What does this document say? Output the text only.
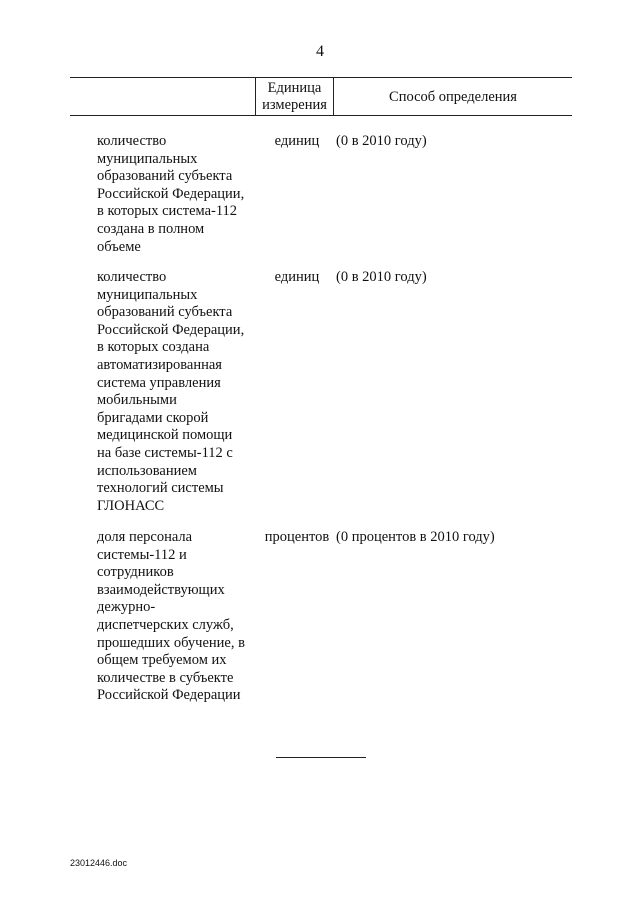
4
Единица
измерения	Способ определения
количество
муниципальных
образований субъекта
Российской Федерации,
в которых система-112
создана в полном
объеме
единиц	(0 в 2010 году)
количество
муниципальных
образований субъекта
Российской Федерации,
в которых создана
автоматизированная
система управления
мобильными
бригадами скорой
медицинской помощи
на базе системы-112 с
использованием
технологий системы
ГЛОНАСС
единиц	(0 в 2010 году)
доля персонала
системы-112 и
сотрудников
взаимодействующих
дежурно-
диспетчерских служб,
прошедших обучение, в
общем требуемом их
количестве в субъекте
Российской Федерации
процентов (0 процентов в 2010 году)
23012446.doc
